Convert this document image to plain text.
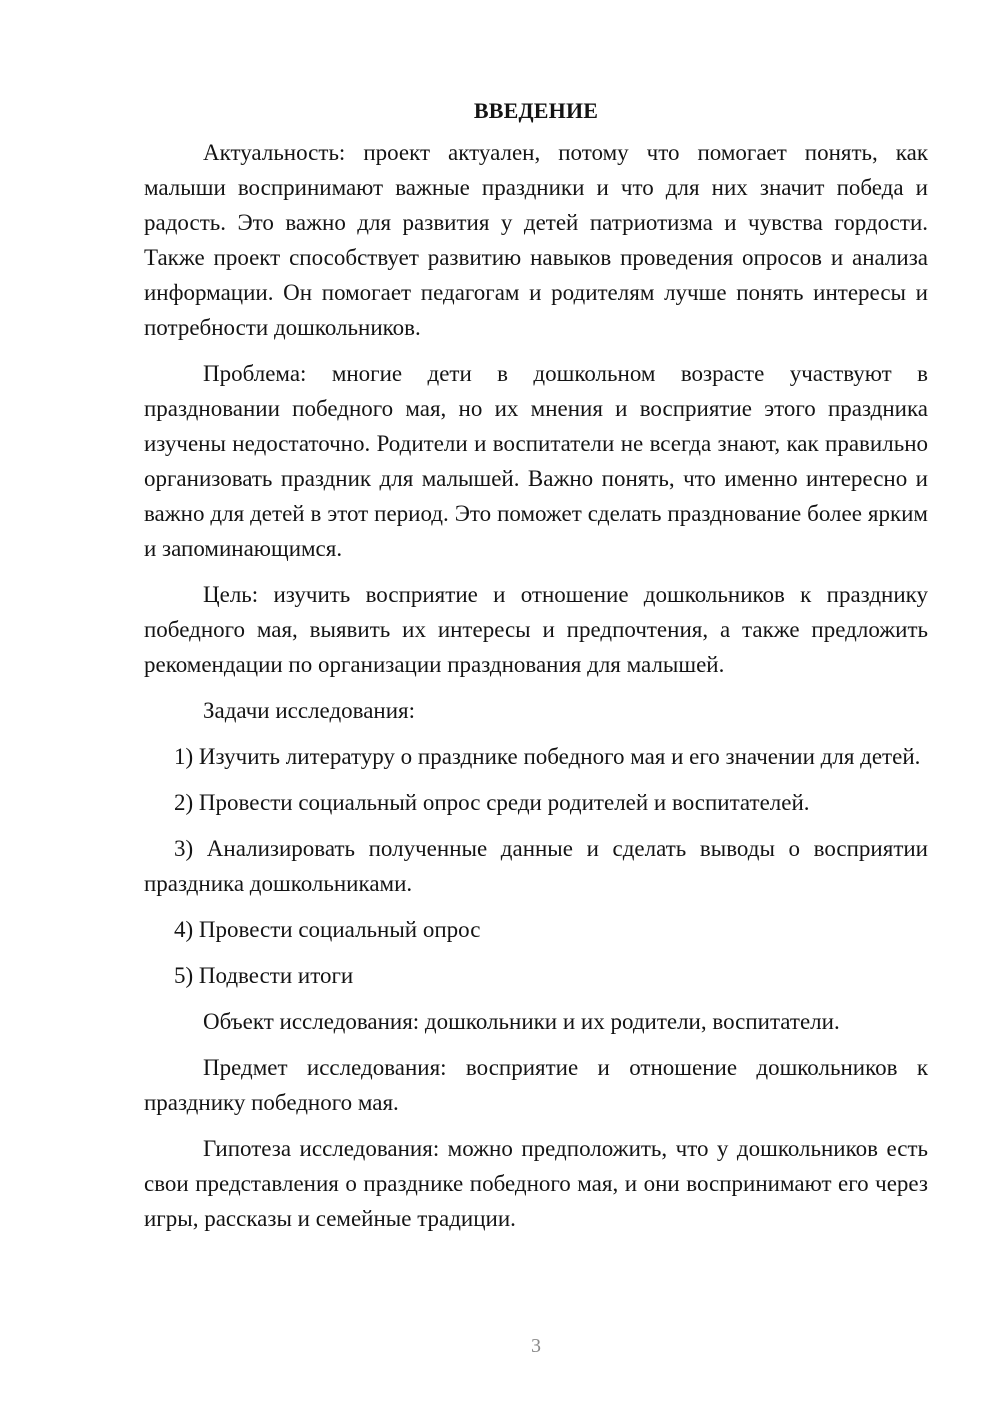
ВВЕДЕНИЕ

Актуальность: проект актуален, потому что помогает понять, как малыши воспринимают важные праздники и что для них значит победа и радость. Это важно для развития у детей патриотизма и чувства гордости. Также проект способствует развитию навыков проведения опросов и анализа информации. Он помогает педагогам и родителям лучше понять интересы и потребности дошкольников.

Проблема: многие дети в дошкольном возрасте участвуют в праздновании победного мая, но их мнения и восприятие этого праздника изучены недостаточно. Родители и воспитатели не всегда знают, как правильно организовать праздник для малышей. Важно понять, что именно интересно и важно для детей в этот период. Это поможет сделать празднование более ярким и запоминающимся.

Цель: изучить восприятие и отношение дошкольников к празднику победного мая, выявить их интересы и предпочтения, а также предложить рекомендации по организации празднования для малышей.

Задачи исследования:

1) Изучить литературу о празднике победного мая и его значении для детей.

2) Провести социальный опрос среди родителей и воспитателей.

3) Анализировать полученные данные и сделать выводы о восприятии праздника дошкольниками.

4) Провести социальный опрос

5) Подвести итоги

Объект исследования: дошкольники и их родители, воспитатели.

Предмет исследования: восприятие и отношение дошкольников к празднику победного мая.

Гипотеза исследования: можно предположить, что у дошкольников есть свои представления о празднике победного мая, и они воспринимают его через игры, рассказы и семейные традиции.

3
